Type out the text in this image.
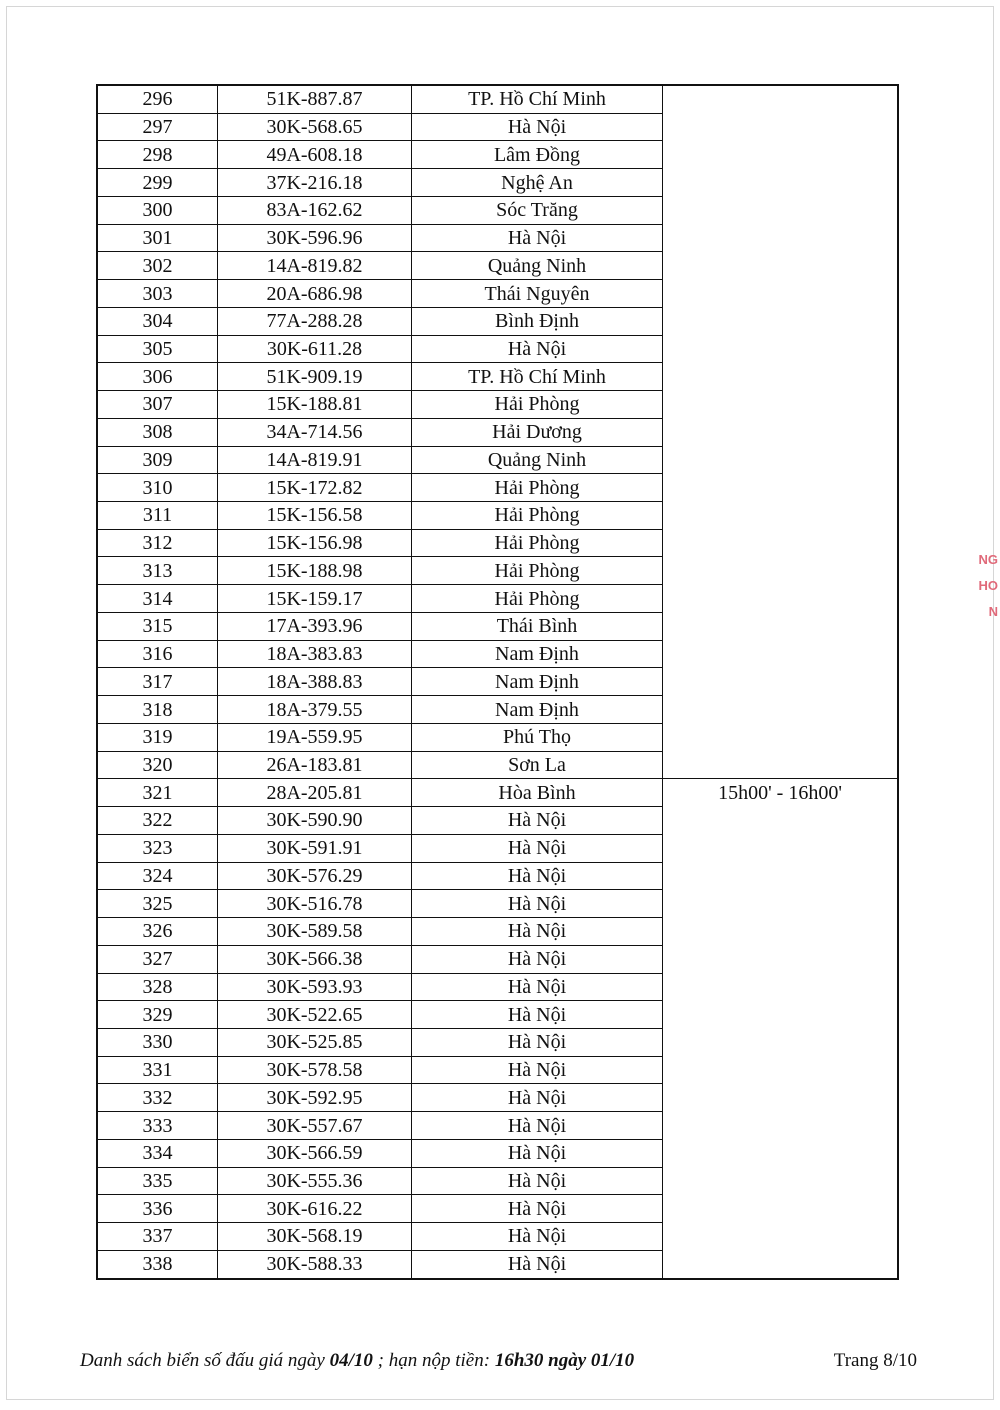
NG
HO
N
296	51K-887.87	TP. Hồ Chí Minh	
297	30K-568.65	Hà Nội	
298	49A-608.18	Lâm Đồng	
299	37K-216.18	Nghệ An	
300	83A-162.62	Sóc Trăng	
301	30K-596.96	Hà Nội	
302	14A-819.82	Quảng Ninh	
303	20A-686.98	Thái Nguyên	
304	77A-288.28	Bình Định	
305	30K-611.28	Hà Nội	
306	51K-909.19	TP. Hồ Chí Minh	
307	15K-188.81	Hải Phòng	
308	34A-714.56	Hải Dương	
309	14A-819.91	Quảng Ninh	
310	15K-172.82	Hải Phòng	
311	15K-156.58	Hải Phòng	
312	15K-156.98	Hải Phòng	
313	15K-188.98	Hải Phòng	
314	15K-159.17	Hải Phòng	
315	17A-393.96	Thái Bình	
316	18A-383.83	Nam Định	
317	18A-388.83	Nam Định	
318	18A-379.55	Nam Định	
319	19A-559.95	Phú Thọ	
320	26A-183.81	Sơn La	
321	28A-205.81	Hòa Bình	15h00' - 16h00'
322	30K-590.90	Hà Nội	
323	30K-591.91	Hà Nội	
324	30K-576.29	Hà Nội	
325	30K-516.78	Hà Nội	
326	30K-589.58	Hà Nội	
327	30K-566.38	Hà Nội	
328	30K-593.93	Hà Nội	
329	30K-522.65	Hà Nội	
330	30K-525.85	Hà Nội	
331	30K-578.58	Hà Nội	
332	30K-592.95	Hà Nội	
333	30K-557.67	Hà Nội	
334	30K-566.59	Hà Nội	
335	30K-555.36	Hà Nội	
336	30K-616.22	Hà Nội	
337	30K-568.19	Hà Nội	
338	30K-588.33	Hà Nội	
Danh sách biển số đấu giá ngày 04/10 ; hạn nộp tiền: 16h30 ngày 01/10	Trang 8/10
